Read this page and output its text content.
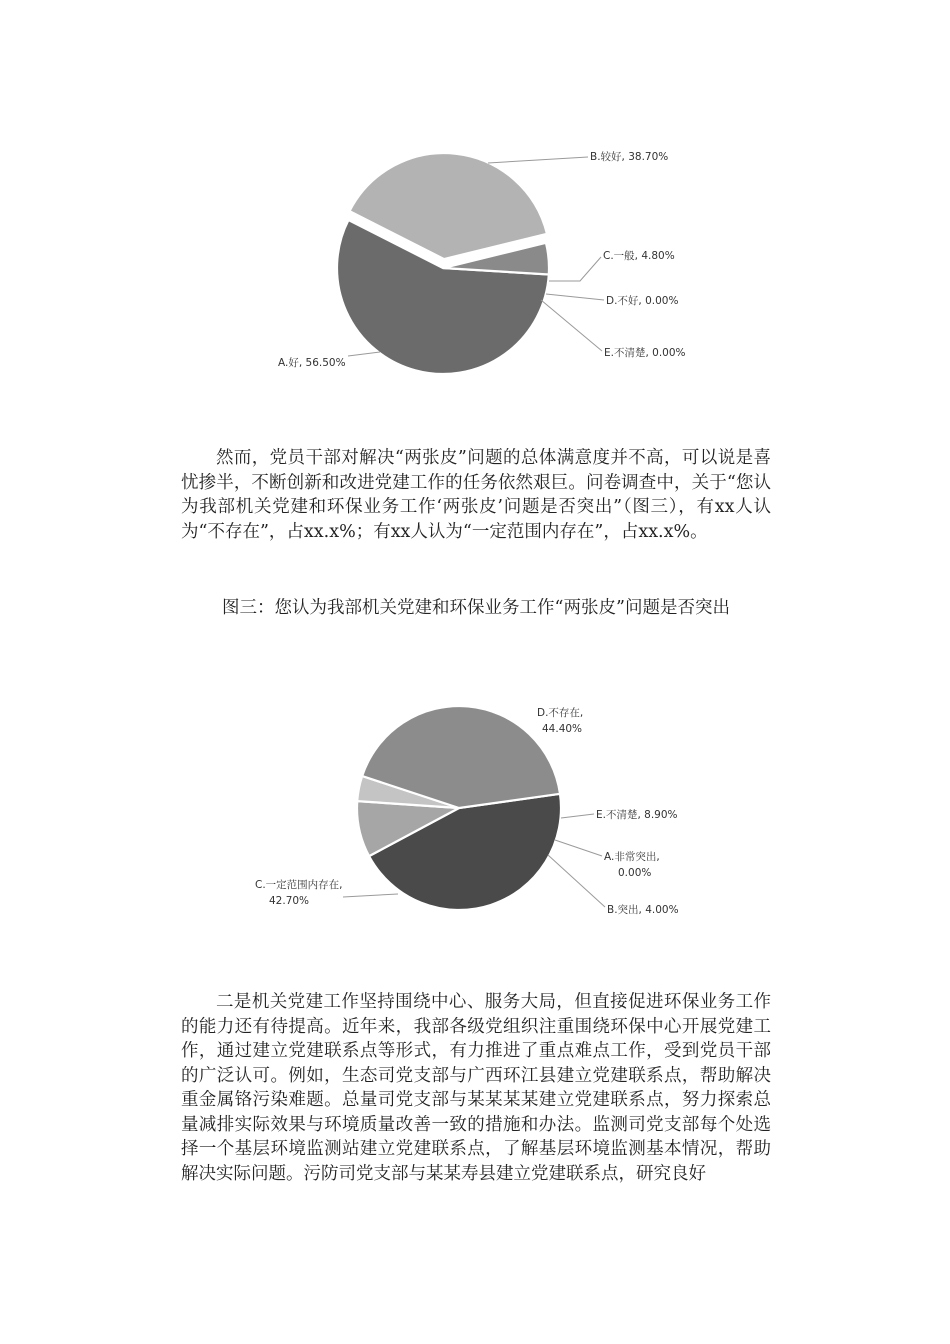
A.好, 56.50%
B.较好, 38.70%
C.一般, 4.80%
D.不好, 0.00%
E.不清楚, 0.00%
D.不存在, 44.40%
E.不清楚, 8.90%
A.非常突出, 0.00%
B.突出, 4.00%
C.一定范围内存在, 42.70%

然而，党员干部对解决“两张皮”问题的总体满意度并不高，可以说是喜忧掺半，不断创新和改进党建工作的任务依然艰巨。问卷调查中，关于“您认为我部机关党建和环保业务工作‘两张皮’问题是否突出”（图三），有xx人认为“不存在”，占xx.x%；有xx人认为“一定范围内存在”，占xx.x%。

图三：您认为我部机关党建和环保业务工作“两张皮”问题是否突出

二是机关党建工作坚持围绕中心、服务大局，但直接促进环保业务工作的能力还有待提高。近年来，我部各级党组织注重围绕环保中心开展党建工作，通过建立党建联系点等形式，有力推进了重点难点工作，受到党员干部的广泛认可。例如，生态司党支部与广西环江县建立党建联系点，帮助解决重金属铬污染难题。总量司党支部与某某某某建立党建联系点，努力探索总量减排实际效果与环境质量改善一致的措施和办法。监测司党支部每个处选择一个基层环境监测站建立党建联系点，了解基层环境监测基本情况，帮助解决实际问题。污防司党支部与某某寿县建立党建联系点，研究良好
